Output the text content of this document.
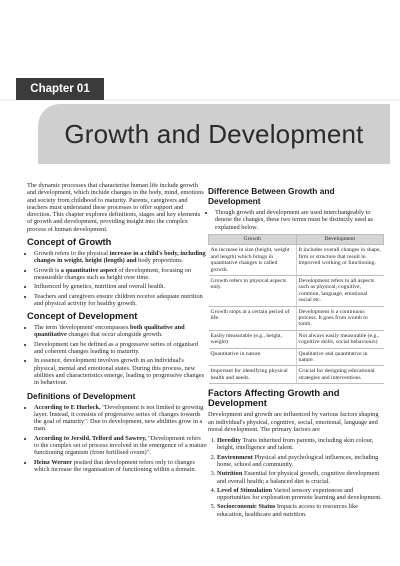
Chapter 01
Growth and Development

The dynamic processes that characterise human life include growth and development, which include changes in the body, mind, emotions and society from childhood to maturity. Parents, caregivers and teachers must understand these processes to offer support and direction. This chapter explores definitions, stages and key elements of growth and development, providing insight into the complex process of human development.

Concept of Growth
• Growth refers to the physical increase in a child's body, including changes in weight, height (length) and body proportions.
• Growth is a quantitative aspect of development, focusing on measurable changes such as height over time.
• Influenced by genetics, nutrition and overall health.
• Teachers and caregivers ensure children receive adequate nutrition and physical activity for healthy growth.
Concept of Development
• The term 'development' encompasses both qualitative and quantitative changes that occur alongside growth.
• Development can be defined as a progressive series of organised and coherent changes leading to maturity.
• In essence, development involves growth in an individual's physical, mental and emotional states. During this process, new abilities and characteristics emerge, leading to progressive changes in behaviour.
Definitions of Development
• According to E Hurlock, "Development is not limited to growing layer. Instead, it consists of progressive series of changes towards the goal of maturity". Due to development, new abilities grow in a man.
• According to Jersild, Telford and Sawrey, "Development refers to the complex set of process involved in the emergence of a mature functioning organism (from fertilised ovum)".
• Heinz Werner posited that development refers only to changes which increase the organisation of functioning within a domain.
Difference Between Growth and Development
• Though growth and development are used interchangeably to denote the changes, these two terms must be distinctly used as explained below.
Growth	Development
An increase in size (height, weight and length) which brings in quantitative changes is called growth.	It includes overall changes in shape, firm or structure that result in improved working or functioning.
Growth refers to physical aspects only.	Development refers to all aspects such as physical, cognitive, common, language, emotional social etc.
Growth stops at a certain period of life.	Development is a continuous process. It goes from womb to tomb.
Easily measurable (e.g., height, weight)	Not always easily measurable (e.g., cognitive skills, social behaviours)
Quantitative in nature.	Qualitative and quantitative in nature.
Important for identifying physical health and needs.	Crucial for designing educational strategies and interventions
Factors Affecting Growth and Development

Development and growth are influenced by various factors shaping an individual's physical, cognitive, social, emotional, language and moral development. The primary factors are

1. Heredity Traits inherited from parents, including skin colour, height, intelligence and talent.
2. Environment Physical and psychological influences, including home, school and community.
3. Nutrition Essential for physical growth, cognitive development and overall health; a balanced diet is crucial.
4. Level of Stimulation Varied sensory experiences and opportunities for exploration promote learning and development.
5. Socioeconomic Status Impacts access to resources like education, healthcare and nutrition.
